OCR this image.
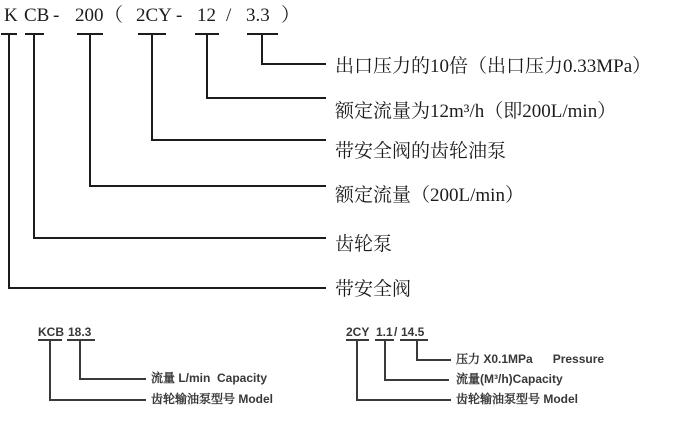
K CB - 200 （ 2CY - 12 / 3.3 ）
出口压力的10倍（出口压力0.33MPa）
额定流量为12m³/h（即200L/min）
带安全阀的齿轮油泵
额定流量（200L/min）
齿轮泵
带安全阀
KCB 18.3
流量 L/min  Capacity
齿轮输油泵型号 Model
2CY 1.1 / 14.5
压力 X0.1MPa      Pressure
流量(M³/h)Capacity
齿轮输油泵型号 Model
